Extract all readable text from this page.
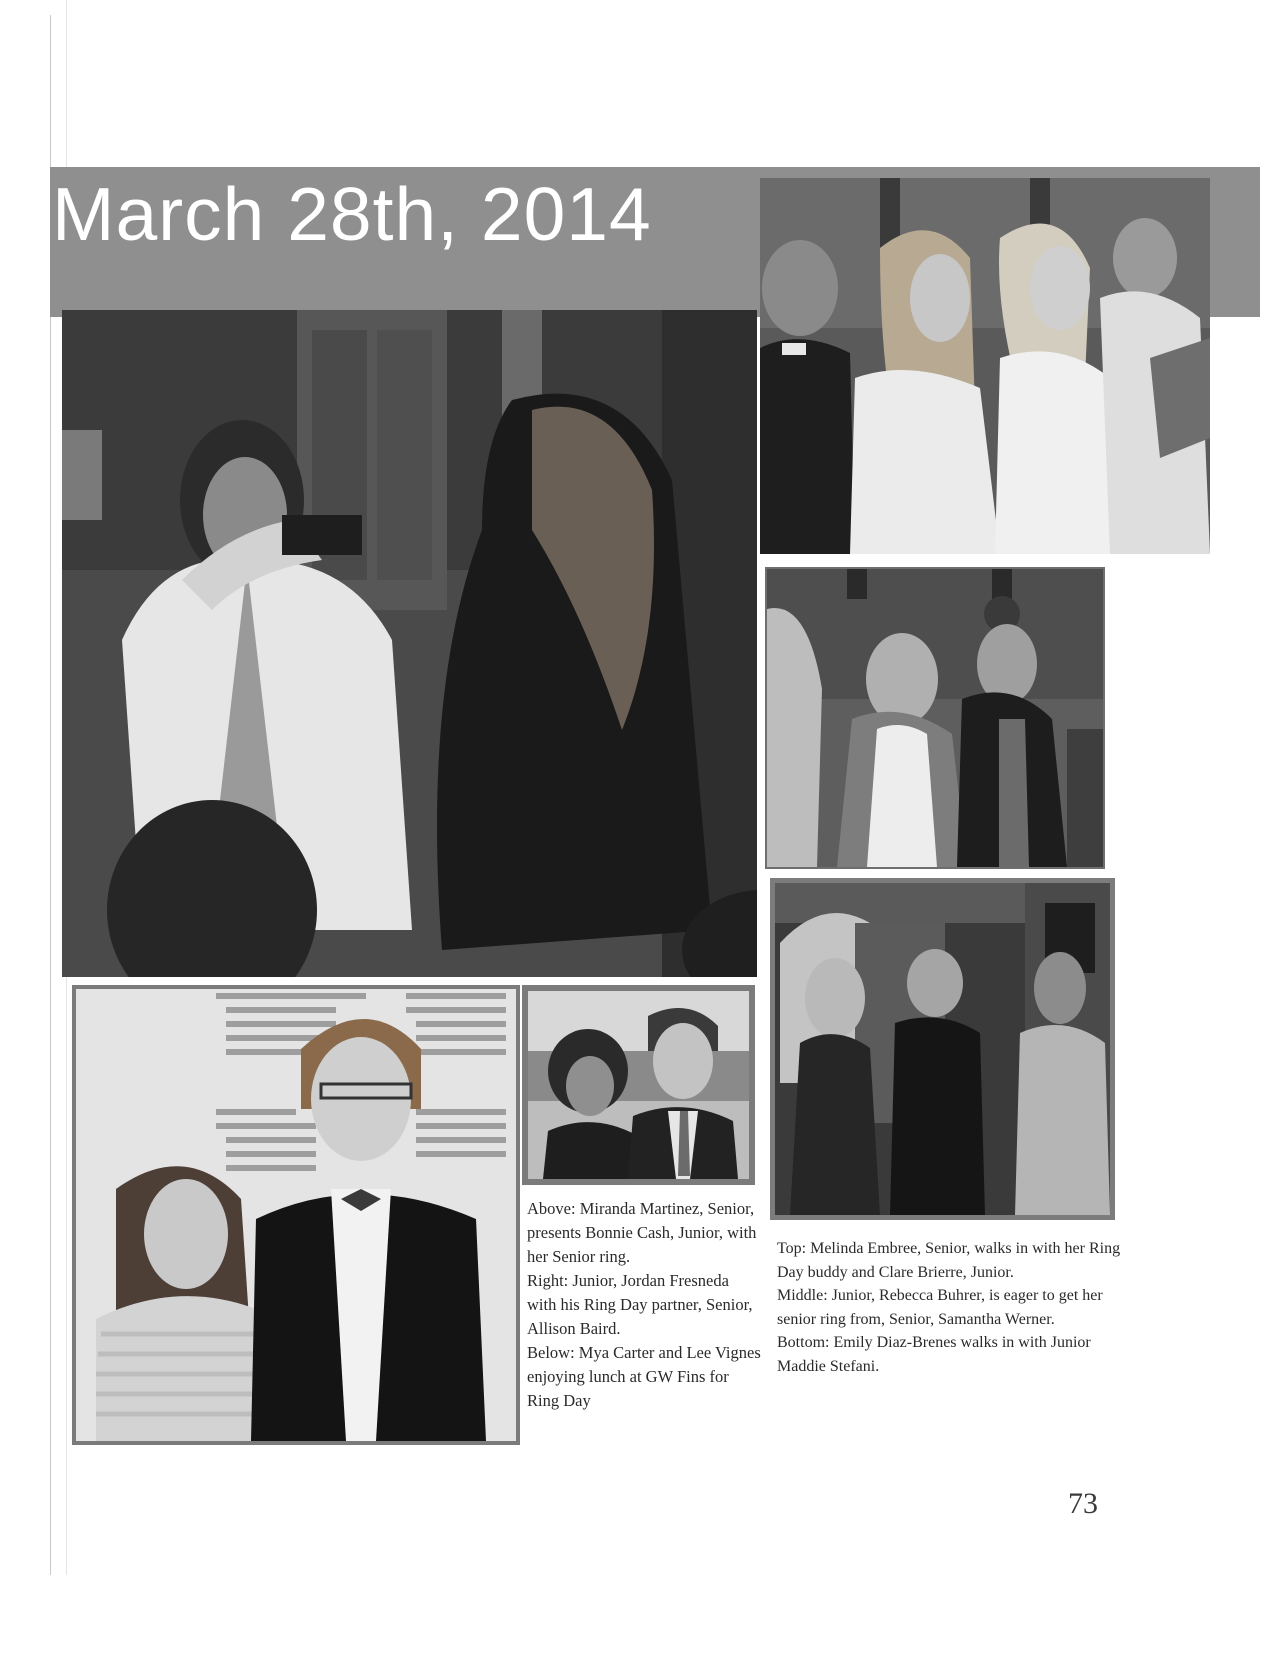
March 28th, 2014

Above: Miranda Martinez, Senior, presents Bonnie Cash, Junior, with her Senior ring.

Right: Junior, Jordan Fresneda with his Ring Day partner, Senior, Allison Baird.

Below: Mya Carter and Lee Vignes enjoying lunch at GW Fins for Ring Day

Top: Melinda Embree, Senior, walks in with her Ring Day buddy and Clare Brierre, Junior.

Middle: Junior, Rebecca Buhrer, is eager to get her senior ring from, Senior, Samantha Werner.

Bottom: Emily Diaz-Brenes walks in with Junior Maddie Stefani.

73
